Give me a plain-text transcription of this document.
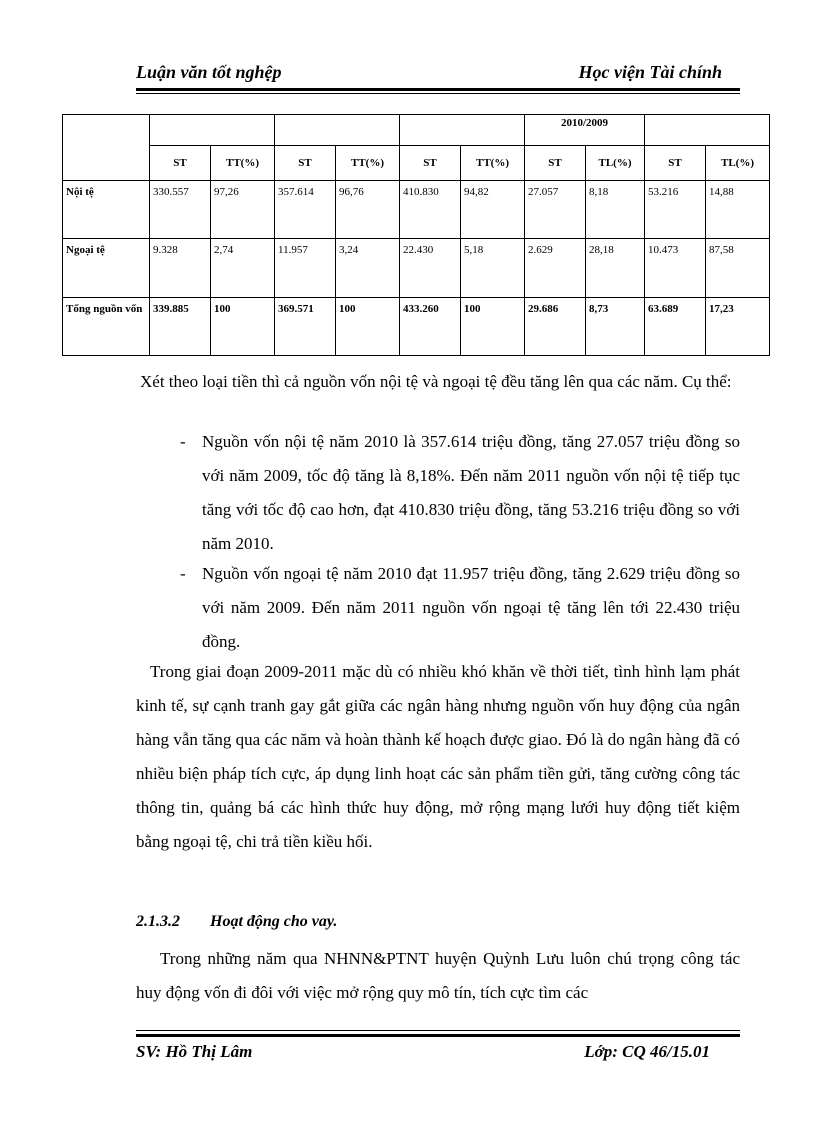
Luận văn tốt nghệp	Học viện Tài chính
							2010/2009			
	ST	TT(%)	ST	TT(%)	ST	TT(%)	ST	TL(%)	ST	TL(%)
Nội tệ	330.557	97,26	357.614	96,76	410.830	94,82	27.057	8,18	53.216	14,88
Ngoại tệ	9.328	2,74	11.957	3,24	22.430	5,18	2.629	28,18	10.473	87,58
Tổng nguồn vốn	339.885	100	369.571	100	433.260	100	29.686	8,73	63.689	17,23
Xét theo loại tiền thì cả nguồn vốn nội tệ và ngoại tệ đều tăng lên qua các năm. Cụ thể:
- Nguồn vốn nội tệ năm 2010 là 357.614 triệu đồng, tăng 27.057 triệu đồng so với năm 2009, tốc độ tăng là 8,18%. Đến năm 2011 nguồn vốn nội tệ tiếp tục tăng với tốc độ cao hơn, đạt 410.830 triệu đồng, tăng 53.216 triệu đồng so với năm 2010.
- Nguồn vốn ngoại tệ năm 2010 đạt 11.957 triệu đồng, tăng 2.629 triệu đồng so với năm 2009. Đến năm 2011 nguồn vốn ngoại tệ tăng lên tới 22.430 triệu đồng.
Trong giai đoạn 2009-2011 mặc dù có nhiều khó khăn về thời tiết, tình hình lạm phát kinh tế, sự cạnh tranh gay gắt giữa các ngân hàng nhưng nguồn vốn huy động của ngân hàng vẫn tăng qua các năm và hoàn thành kế hoạch được giao. Đó là do ngân hàng đã có nhiều biện pháp tích cực, áp dụng linh hoạt các sản phẩm tiền gửi, tăng cường công tác thông tin, quảng bá các hình thức huy động, mở rộng mạng lưới huy động tiết kiệm bằng ngoại tệ, chi trả tiền kiều hối.
2.1.3.2 Hoạt động cho vay.
Trong những năm qua NHNN&PTNT huyện Quỳnh Lưu luôn chú trọng công tác huy động vốn đi đôi với việc mở rộng quy mô tín, tích cực tìm các
SV: Hồ Thị Lâm	Lớp: CQ 46/15.01
